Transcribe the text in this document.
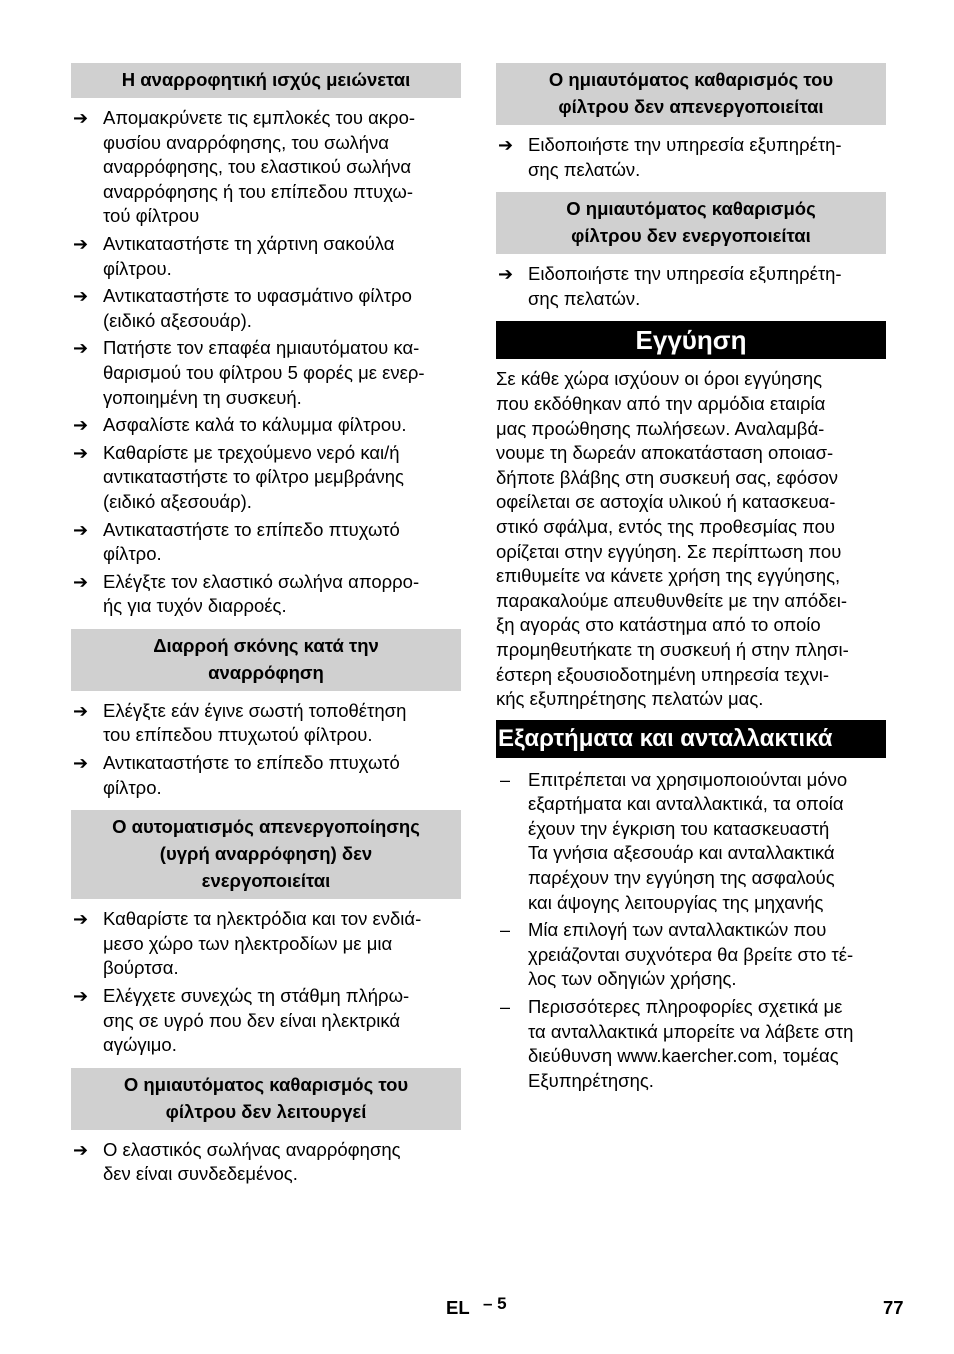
Η αναρροφητική ισχύς μειώνεται
➔ Απομακρύνετε τις εμπλοκές του ακρο-
φυσίου αναρρόφησης, του σωλήνα
αναρρόφησης, του ελαστικού σωλήνα
αναρρόφησης ή του επίπεδου πτυχω-
τού φίλτρου
➔ Αντικαταστήστε τη χάρτινη σακούλα
φίλτρου.
➔ Αντικαταστήστε το υφασμάτινο φίλτρο
(ειδικό αξεσουάρ).
➔ Πατήστε τον επαφέα ημιαυτόματου κα-
θαρισμού του φίλτρου 5 φορές με ενερ-
γοποιημένη τη συσκευή.
➔ Ασφαλίστε καλά το κάλυμμα φίλτρου.
➔ Καθαρίστε με τρεχούμενο νερό και/ή
αντικαταστήστε το φίλτρο μεμβράνης
(ειδικό αξεσουάρ).
➔ Αντικαταστήστε το επίπεδο πτυχωτό
φίλτρο.
➔ Ελέγξτε τον ελαστικό σωλήνα απορρο-
ής για τυχόν διαρροές.
Διαρροή σκόνης κατά την
αναρρόφηση
➔ Ελέγξτε εάν έγινε σωστή τοποθέτηση
του επίπεδου πτυχωτού φίλτρου.
➔ Αντικαταστήστε το επίπεδο πτυχωτό
φίλτρο.
Ο αυτοματισμός απενεργοποίησης
(υγρή αναρρόφηση) δεν
ενεργοποιείται
➔ Καθαρίστε τα ηλεκτρόδια και τον ενδιά-
μεσο χώρο των ηλεκτροδίων με μια
βούρτσα.
➔ Ελέγχετε συνεχώς τη στάθμη πλήρω-
σης σε υγρό που δεν είναι ηλεκτρικά
αγώγιμο.
Ο ημιαυτόματος καθαρισμός του
φίλτρου δεν λειτουργεί
➔ Ο ελαστικός σωλήνας αναρρόφησης
δεν είναι συνδεδεμένος.
Ο ημιαυτόματος καθαρισμός του
φίλτρου δεν απενεργοποιείται
➔ Ειδοποιήστε την υπηρεσία εξυπηρέτη-
σης πελατών.
Ο ημιαυτόματος καθαρισμός
φίλτρου δεν ενεργοποιείται
➔ Ειδοποιήστε την υπηρεσία εξυπηρέτη-
σης πελατών.
Εγγύηση

Σε κάθε χώρα ισχύουν οι όροι εγγύησης
που εκδόθηκαν από την αρμόδια εταιρία
μας προώθησης πωλήσεων. Αναλαμβά-
νουμε τη δωρεάν αποκατάσταση οποιασ-
δήποτε βλάβης στη συσκευή σας, εφόσον
οφείλεται σε αστοχία υλικού ή κατασκευα-
στικό σφάλμα, εντός της προθεσμίας που
ορίζεται στην εγγύηση. Σε περίπτωση που
επιθυμείτε να κάνετε χρήση της εγγύησης,
παρακαλούμε απευθυνθείτε με την απόδει-
ξη αγοράς στο κατάστημα από το οποίο
προμηθευτήκατε τη συσκευή ή στην πλησι-
έστερη εξουσιοδοτημένη υπηρεσία τεχνι-
κής εξυπηρέτησης πελατών μας.

Εξαρτήματα και ανταλλακτικά
– Επιτρέπεται να χρησιμοποιούνται μόνο
εξαρτήματα και ανταλλακτικά, τα οποία
έχουν την έγκριση του κατασκευαστή
Τα γνήσια αξεσουάρ και ανταλλακτικά
παρέχουν την εγγύηση της ασφαλούς
και άψογης λειτουργίας της μηχανής
– Μία επιλογή των ανταλλακτικών που
χρειάζονται συχνότερα θα βρείτε στο τέ-
λος των οδηγιών χρήσης.
– Περισσότερες πληροφορίες σχετικά με
τα ανταλλακτικά μπορείτε να λάβετε στη
διεύθυνση www.kaercher.com, τομέας
Εξυπηρέτησης.
EL – 5	77
